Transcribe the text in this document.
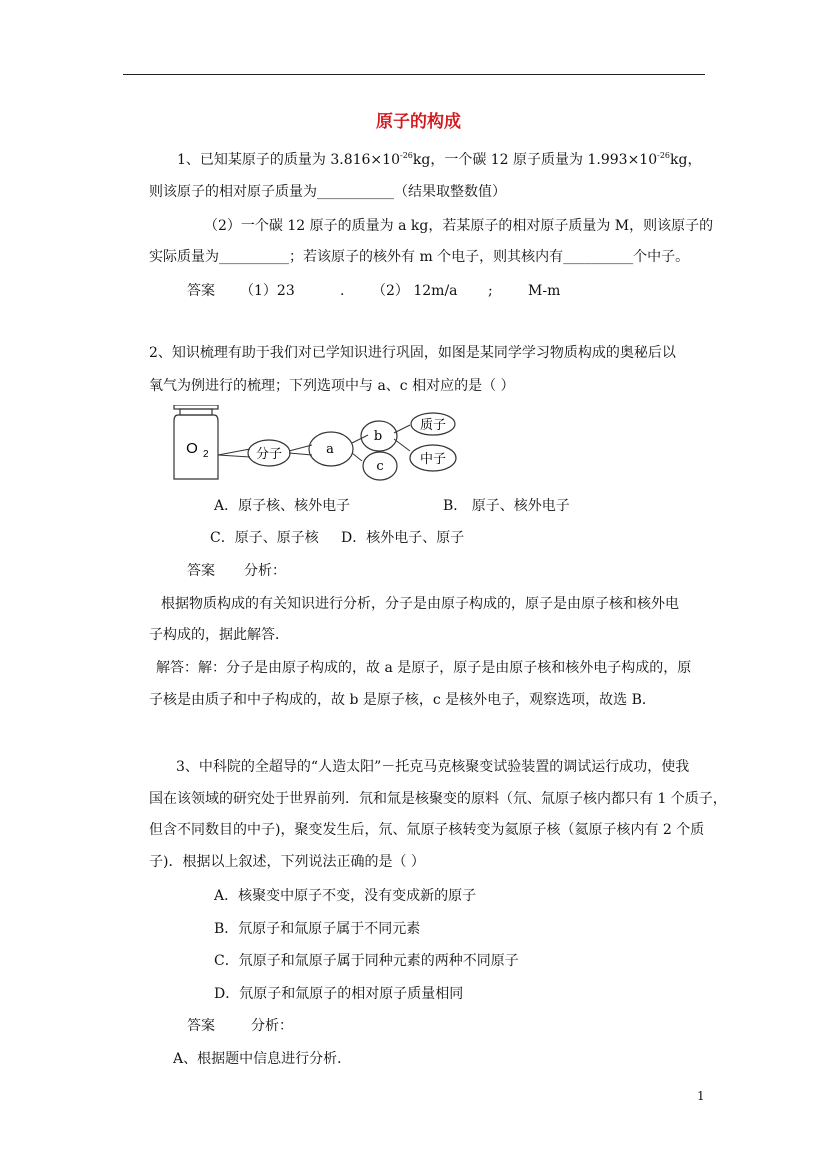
原子的构成
1、已知某原子的质量为 $3.816\times 10^{-26}kg$，一个碳 12 原子质量为 $1.993\times 10^{-26}kg$，
则该原子的相对原子质量为___________（结果取整数值）
（2）一个碳 12 原子的质量为 a kg，若某原子的相对原子质量为 M，则该原子的
实际质量为__________；若该原子的核外有 m 个电子，则其核内有__________个中子。
答案 （1）23	. （2） 12m/a ;	M-m
2、知识梳理有助于我们对已学知识进行巩固，如图是某同学学习物质构成的奥秘后以
氧气为例进行的梳理；下列选项中与 a、c 相对应的是（ ）
O 2	分子	a
b
c
质子
中子
A．原子核、核外电子	B． 原子、核外电子
C．原子、原子核 D．核外电子、原子
答案 分析：
根据物质构成的有关知识进行分析，分子是由原子构成的，原子是由原子核和核外电
子构成的，据此解答．
解答：解：分子是由原子构成的，故 a 是原子，原子是由原子核和核外电子构成的，原
子核是由质子和中子构成的，故 b 是原子核，c 是核外电子，观察选项，故选 B．
3、中科院的全超导的“人造太阳”－托克马克核聚变试验装置的调试运行成功，使我
国在该领域的研究处于世界前列．氘和氚是核聚变的原料（氘、氚原子核内都只有 1 个质子，
但含不同数目的中子)，聚变发生后，氘、氚原子核转变为氦原子核（氦原子核内有 2 个质
子)．根据以上叙述，下列说法正确的是（ ）
A．核聚变中原子不变，没有变成新的原子
B．氘原子和氚原子属于不同元素
C．氘原子和氚原子属于同种元素的两种不同原子
D．氘原子和氚原子的相对原子质量相同
答案	分析：
A、根据题中信息进行分析．
1
